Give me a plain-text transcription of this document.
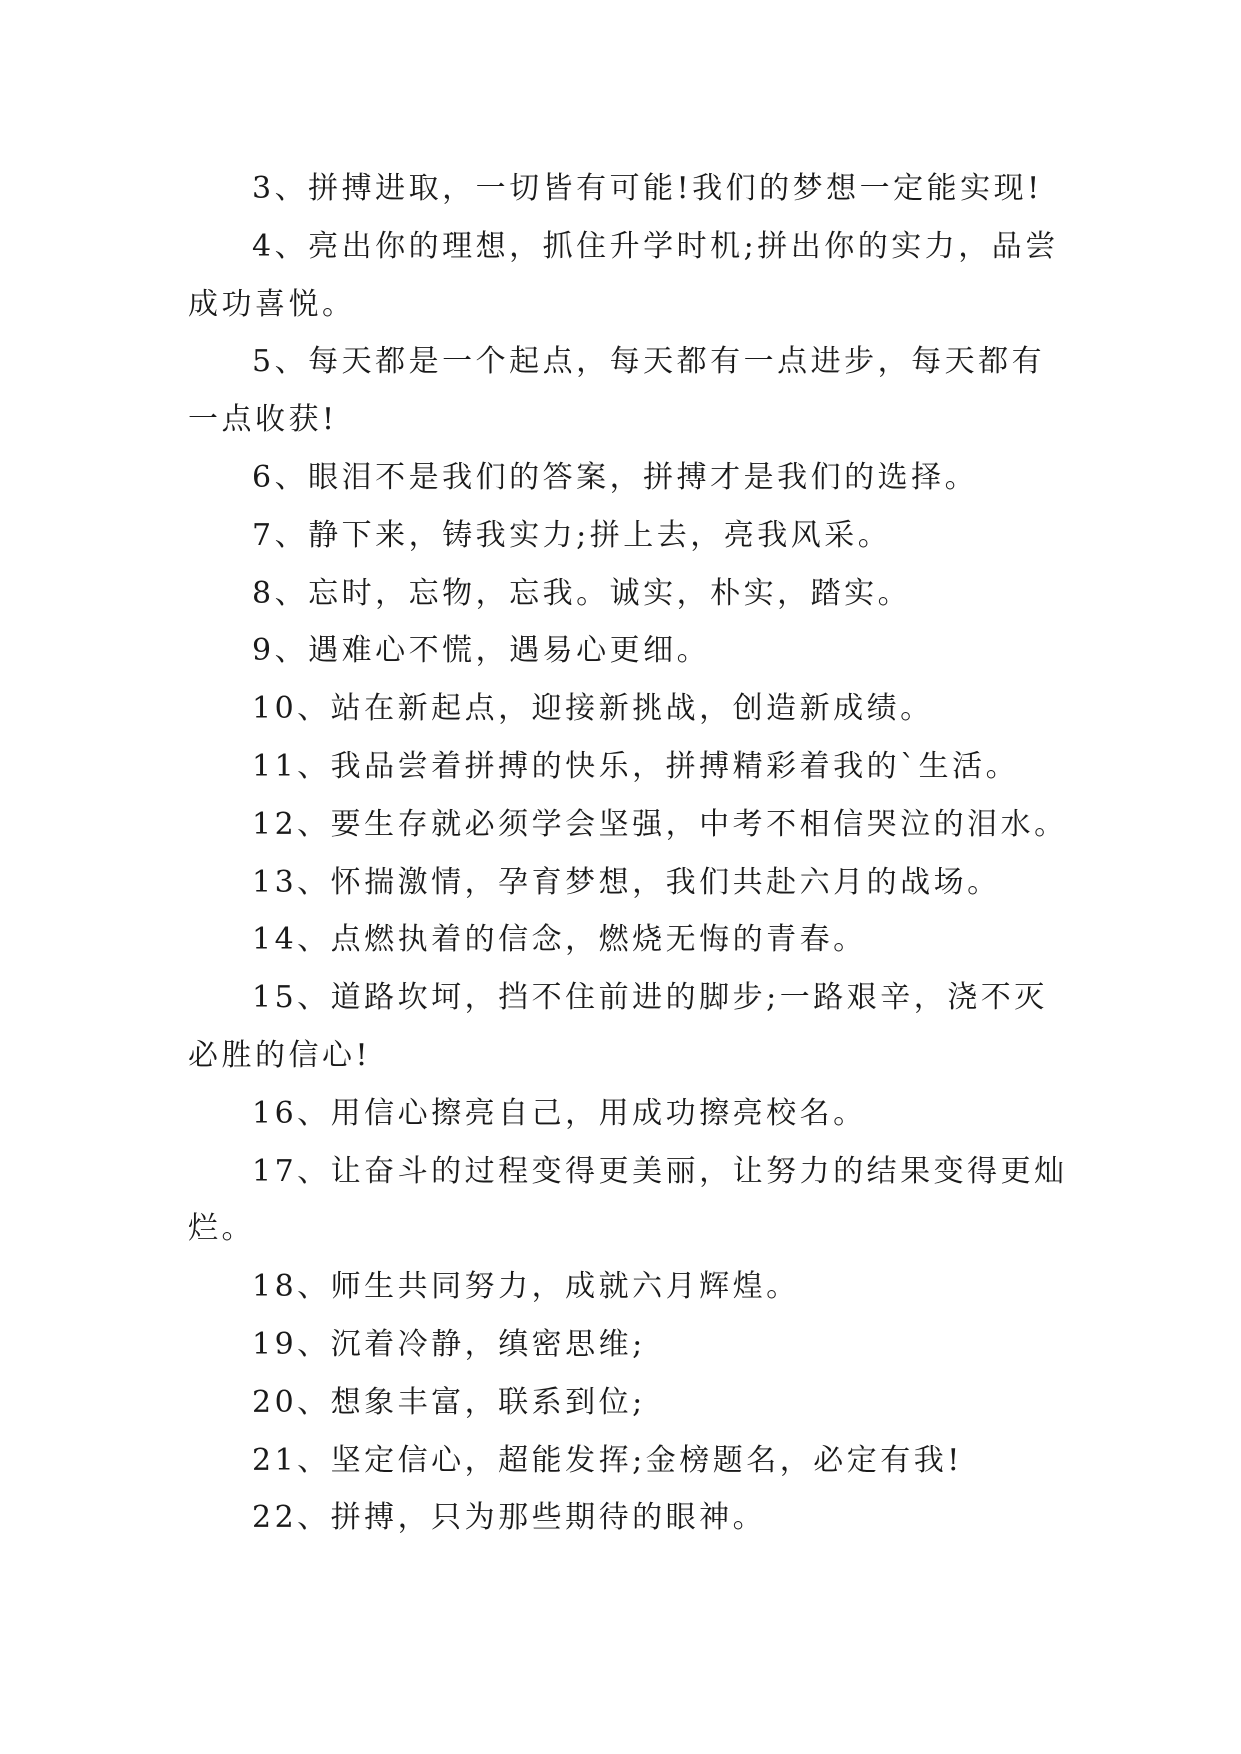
3、拼搏进取，一切皆有可能!我们的梦想一定能实现!

4、亮出你的理想，抓住升学时机;拼出你的实力，品尝成功喜悦。

5、每天都是一个起点，每天都有一点进步，每天都有一点收获!

6、眼泪不是我们的答案，拼搏才是我们的选择。

7、静下来，铸我实力;拼上去，亮我风采。

8、忘时，忘物，忘我。诚实，朴实，踏实。

9、遇难心不慌，遇易心更细。

10、站在新起点，迎接新挑战，创造新成绩。

11、我品尝着拼搏的快乐，拼搏精彩着我的`生活。

12、要生存就必须学会坚强，中考不相信哭泣的泪水。

13、怀揣激情，孕育梦想，我们共赴六月的战场。

14、点燃执着的信念，燃烧无悔的青春。

15、道路坎坷，挡不住前进的脚步;一路艰辛，浇不灭必胜的信心!

16、用信心擦亮自己，用成功擦亮校名。

17、让奋斗的过程变得更美丽，让努力的结果变得更灿烂。

18、师生共同努力，成就六月辉煌。

19、沉着冷静，缜密思维;

20、想象丰富，联系到位;

21、坚定信心，超能发挥;金榜题名，必定有我!

22、拼搏，只为那些期待的眼神。
